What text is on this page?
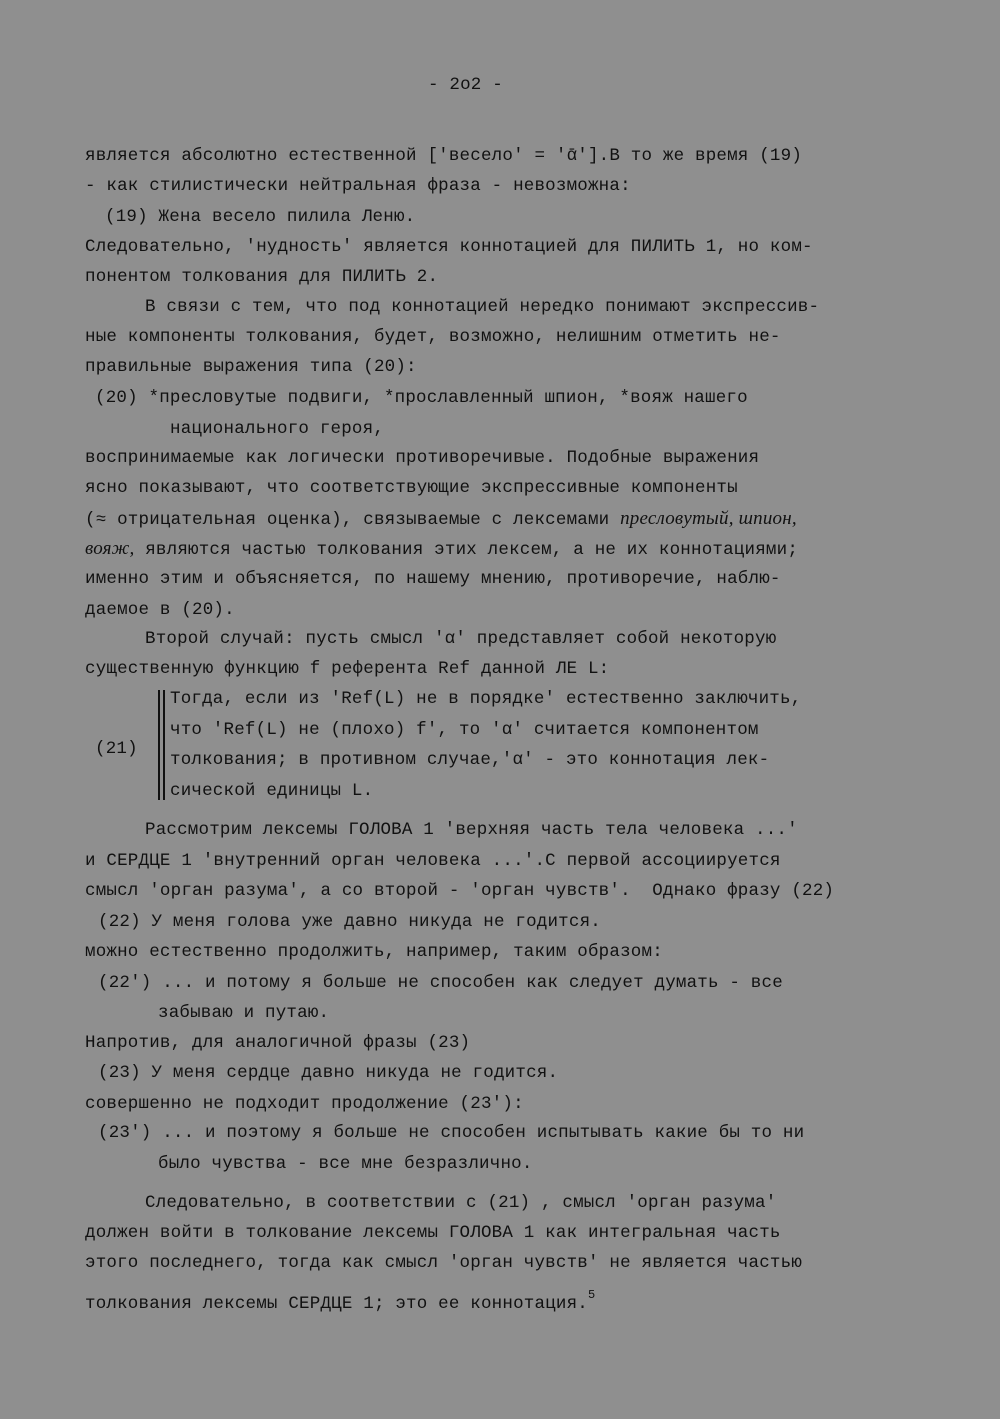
- 2o2 -
является абсолютно естественной ['весело' = 'ᾱ'].В то же время (19)
- как стилистически нейтральная фраза - невозможна:
(19) Жена весело пилила Леню.
Следовательно, 'нудность' является коннотацией для ПИЛИТЬ 1, но ком-
понентом толкования для ПИЛИТЬ 2.
В связи с тем, что под коннотацией нередко понимают экспрессив-
ные компоненты толкования, будет, возможно, нелишним отметить не-
правильные выражения типа (20):
(20) *пресловутые подвиги, *прославленный шпион, *вояж нашего
национального героя,
воспринимаемые как логически противоречивые. Подобные выражения
ясно показывают, что соответствующие экспрессивные компоненты
(≈ отрицательная оценка), связываемые с лексемами пресловутый, шпион,
вояж, являются частью толкования этих лексем, а не их коннотациями;
именно этим и объясняется, по нашему мнению, противоречие, наблю-
даемое в (20).
Второй случай: пусть смысл 'α' представляет собой некоторую
существенную функцию f референта Ref данной ЛЕ L:
Тогда, если из 'Ref(L) не в порядке' естественно заключить,
что 'Ref(L) не (плохо) f', то 'α' считается компонентом
толкования; в противном случае,'α' - это коннотация лек-
сической единицы L.
(21)
Рассмотрим лексемы ГОЛОВА 1 'верхняя часть тела человека ...'
и СЕРДЦЕ 1 'внутренний орган человека ...'.С первой ассоциируется
смысл 'орган разума', а со второй - 'орган чувств'.  Однако фразу (22)
(22) У меня голова уже давно никуда не годится.
можно естественно продолжить, например, таким образом:
(22') ... и потому я больше не способен как следует думать - все
забываю и путаю.
Напротив, для аналогичной фразы (23)
(23) У меня сердце давно никуда не годится.
совершенно не подходит продолжение (23'):
(23') ... и поэтому я больше не способен испытывать какие бы то ни
было чувства - все мне безразлично.
Следовательно, в соответствии с (21) , смысл 'орган разума'
должен войти в толкование лексемы ГОЛОВА 1 как интегральная часть
этого последнего, тогда как смысл 'орган чувств' не является частью
толкования лексемы СЕРДЦЕ 1; это ее коннотация.$^5$
